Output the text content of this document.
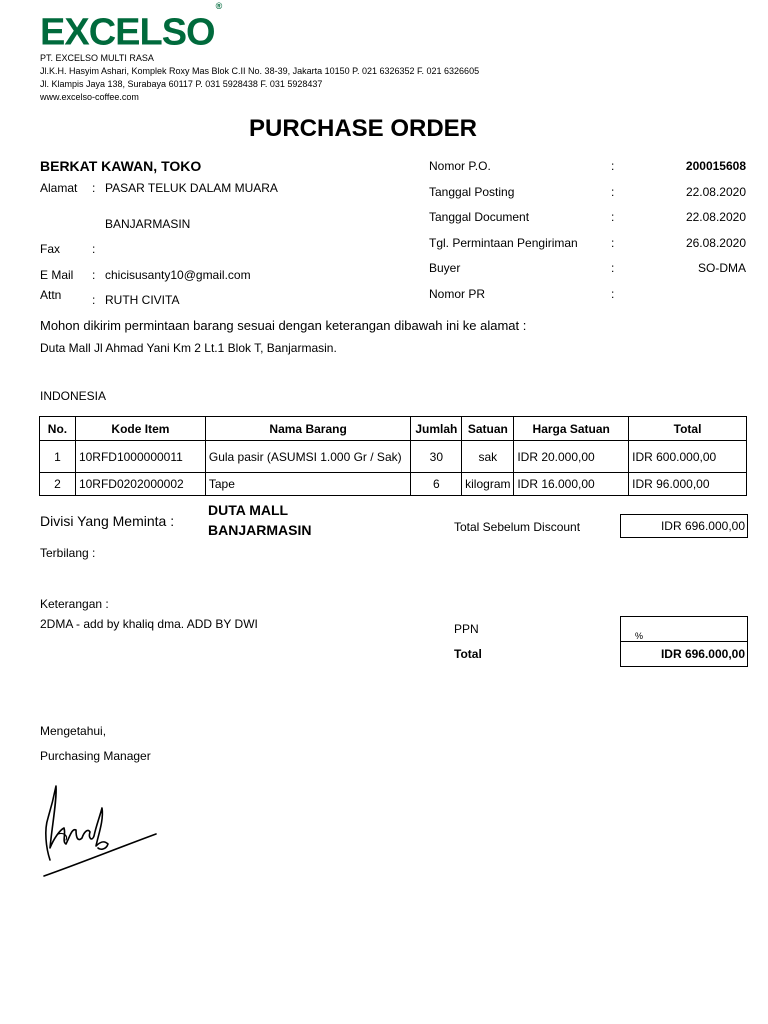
EXCELSO®
PT. EXCELSO MULTI RASA
Jl.K.H. Hasyim Ashari, Komplek Roxy Mas Blok C.II No. 38-39, Jakarta 10150 P. 021 6326352 F. 021 6326605
Jl. Klampis Jaya 138, Surabaya 60117 P. 031 5928438 F. 031 5928437
www.excelso-coffee.com
PURCHASE ORDER
BERKAT KAWAN, TOKO
Alamat : PASAR TELUK DALAM MUARA
BANJARMASIN
Fax	:
E Mail : chicisusanty10@gmail.com
Attn	: RUTH CIVITA
Nomor P.O.	:	200015608
Tanggal Posting	:	22.08.2020
Tanggal Document	:	22.08.2020
Tgl. Permintaan Pengiriman	:	26.08.2020
Buyer	:	SO-DMA
Nomor PR	:
Mohon dikirim permintaan barang sesuai dengan keterangan dibawah ini ke alamat :
Duta Mall Jl Ahmad Yani Km 2 Lt.1 Blok T, Banjarmasin.
INDONESIA
No.	Kode Item	Nama Barang	Jumlah	Satuan	Harga Satuan	Total
1	10RFD1000000011	Gula pasir (ASUMSI 1.000 Gr / Sak)	30	sak	IDR 20.000,00	IDR 600.000,00
2	10RFD0202000002	Tape	6	kilogram	IDR 16.000,00	IDR 96.000,00
Divisi Yang Meminta :
DUTA MALL
BANJARMASIN	Total Sebelum Discount	IDR 696.000,00
Terbilang :
Keterangan :
2DMA - add by khaliq dma. ADD BY DWI	PPN	%
Total	IDR 696.000,00
Mengetahui,
Purchasing Manager
